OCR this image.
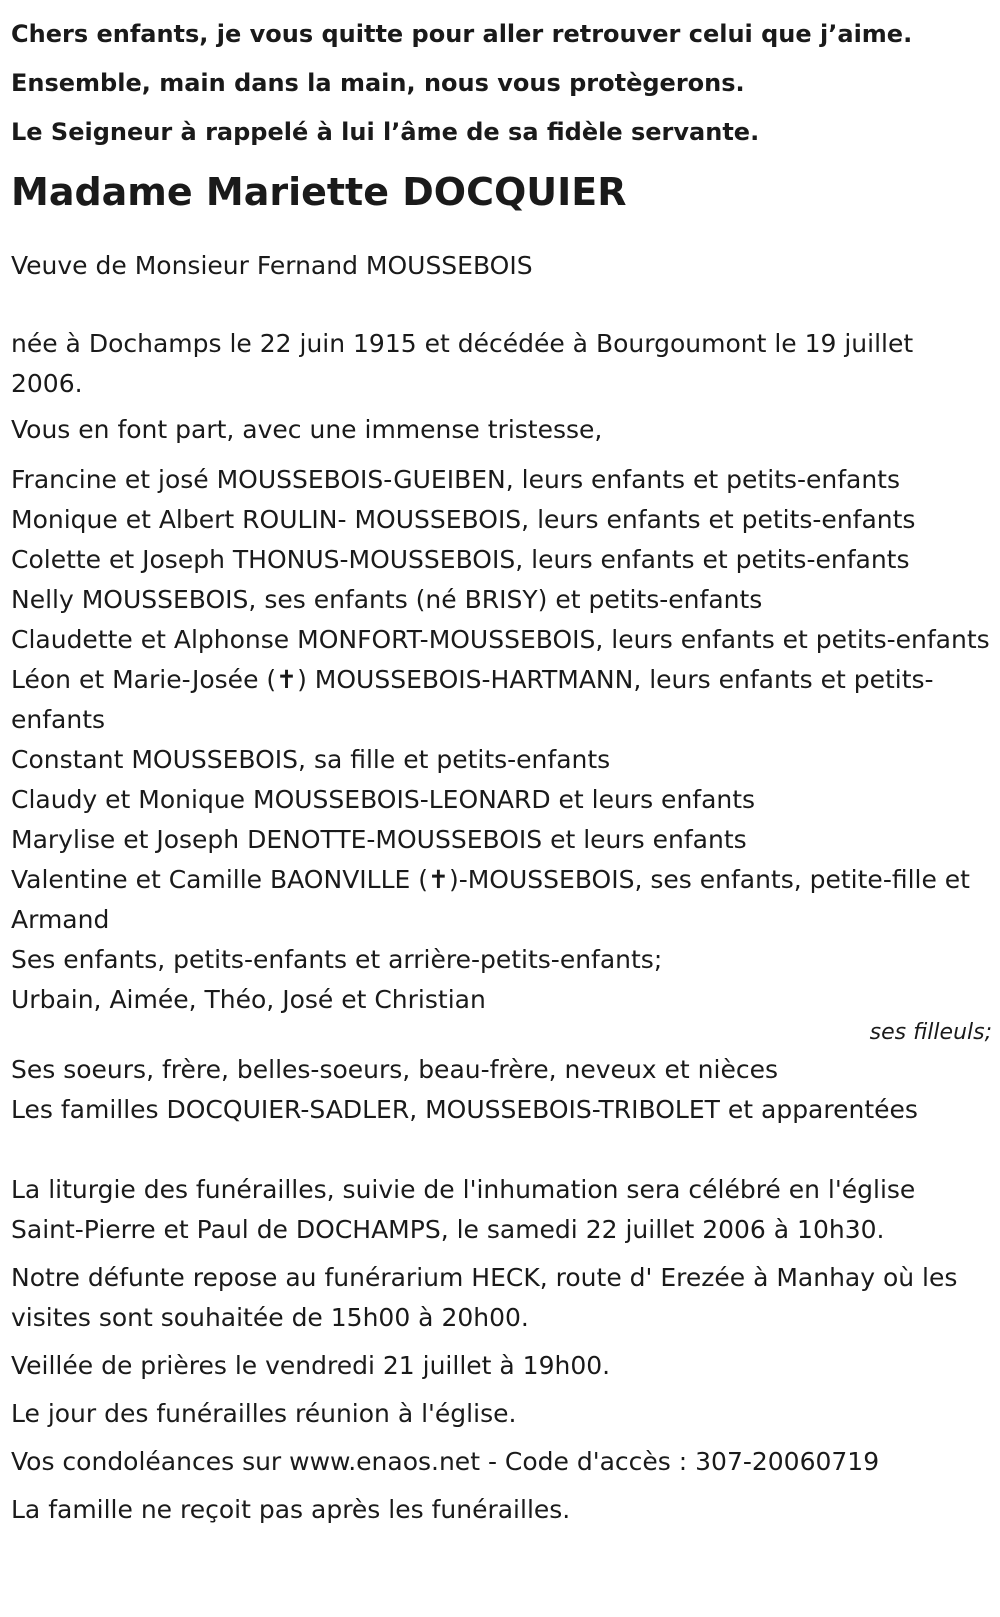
Chers enfants, je vous quitte pour aller retrouver celui que j’aime.
Ensemble, main dans la main, nous vous protègerons.
Le Seigneur à rappelé à lui l’âme de sa fidèle servante.
Madame Mariette DOCQUIER

Veuve de Monsieur Fernand MOUSSEBOIS

née à Dochamps le 22 juin 1915 et décédée à Bourgoumont le 19 juillet 2006.

Vous en font part, avec une immense tristesse,

Francine et josé MOUSSEBOIS-GUEIBEN, leurs enfants et petits-enfants

Monique et Albert ROULIN- MOUSSEBOIS, leurs enfants et petits-enfants

Colette et Joseph THONUS-MOUSSEBOIS, leurs enfants et petits-enfants

Nelly MOUSSEBOIS, ses enfants (né BRISY) et petits-enfants

Claudette et Alphonse MONFORT-MOUSSEBOIS, leurs enfants et petits-enfants

Léon et Marie-Josée (✝) MOUSSEBOIS-HARTMANN, leurs enfants et petits-enfants

Constant MOUSSEBOIS, sa fille et petits-enfants

Claudy et Monique MOUSSEBOIS-LEONARD et leurs enfants

Marylise et Joseph DENOTTE-MOUSSEBOIS et leurs enfants

Valentine et Camille BAONVILLE (✝)-MOUSSEBOIS, ses enfants, petite-fille et Armand

Ses enfants, petits-enfants et arrière-petits-enfants;

Urbain, Aimée, Théo, José et Christian

ses filleuls;

Ses soeurs, frère, belles-soeurs, beau-frère, neveux et nièces

Les familles DOCQUIER-SADLER, MOUSSEBOIS-TRIBOLET et apparentées

La liturgie des funérailles, suivie de l'inhumation sera célébré en l'église Saint-Pierre et Paul de DOCHAMPS, le samedi 22 juillet 2006 à 10h30.

Notre défunte repose au funérarium HECK, route d' Erezée à Manhay où les visites sont souhaitée de 15h00 à 20h00.

Veillée de prières le vendredi 21 juillet à 19h00.

Le jour des funérailles réunion à l'église.

Vos condoléances sur www.enaos.net - Code d'accès : 307-20060719

La famille ne reçoit pas après les funérailles.
